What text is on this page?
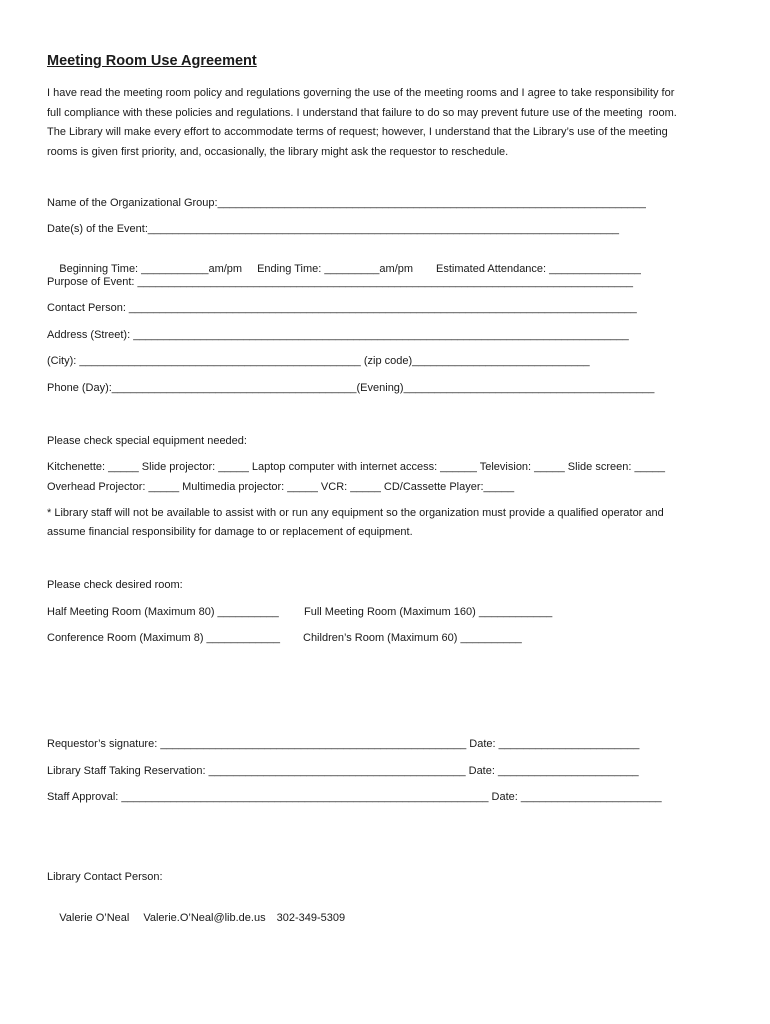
Meeting Room Use Agreement
I have read the meeting room policy and regulations governing the use of the meeting rooms and I agree to take responsibility for
full compliance with these policies and regulations. I understand that failure to do so may prevent future use of the meeting  room.
The Library will make every effort to accommodate terms of request; however, I understand that the Library’s use of the meeting
rooms is given first priority, and, occasionally, the library might ask the requestor to reschedule.
Name of the Organizational Group:______________________________________________________________________
Date(s) of the Event:_____________________________________________________________________________

Beginning Time: ___________am/pm Ending Time: _________am/pm Estimated Attendance: _______________

Purpose of Event: _________________________________________________________________________________
Contact Person: ___________________________________________________________________________________
Address (Street): _________________________________________________________________________________
(City): ______________________________________________ (zip code)_____________________________
Phone (Day):________________________________________(Evening)_________________________________________
Please check special equipment needed:
Kitchenette: _____ Slide projector: _____ Laptop computer with internet access: ______ Television: _____ Slide screen: _____
Overhead Projector: _____ Multimedia projector: _____ VCR: _____ CD/Cassette Player:_____
* Library staff will not be available to assist with or run any equipment so the organization must provide a qualified operator and
assume financial responsibility for damage to or replacement of equipment.
Please check desired room:
Half Meeting Room (Maximum 80) __________ Full Meeting Room (Maximum 160) ____________
Conference Room (Maximum 8) ____________ Children’s Room (Maximum 60) __________
Requestor’s signature: __________________________________________________ Date: _______________________
Library Staff Taking Reservation: __________________________________________ Date: _______________________
Staff Approval: ____________________________________________________________ Date: _______________________
Library Contact Person:

Valerie O’Neal Valerie.O’Neal@lib.de.us 302-349-5309
